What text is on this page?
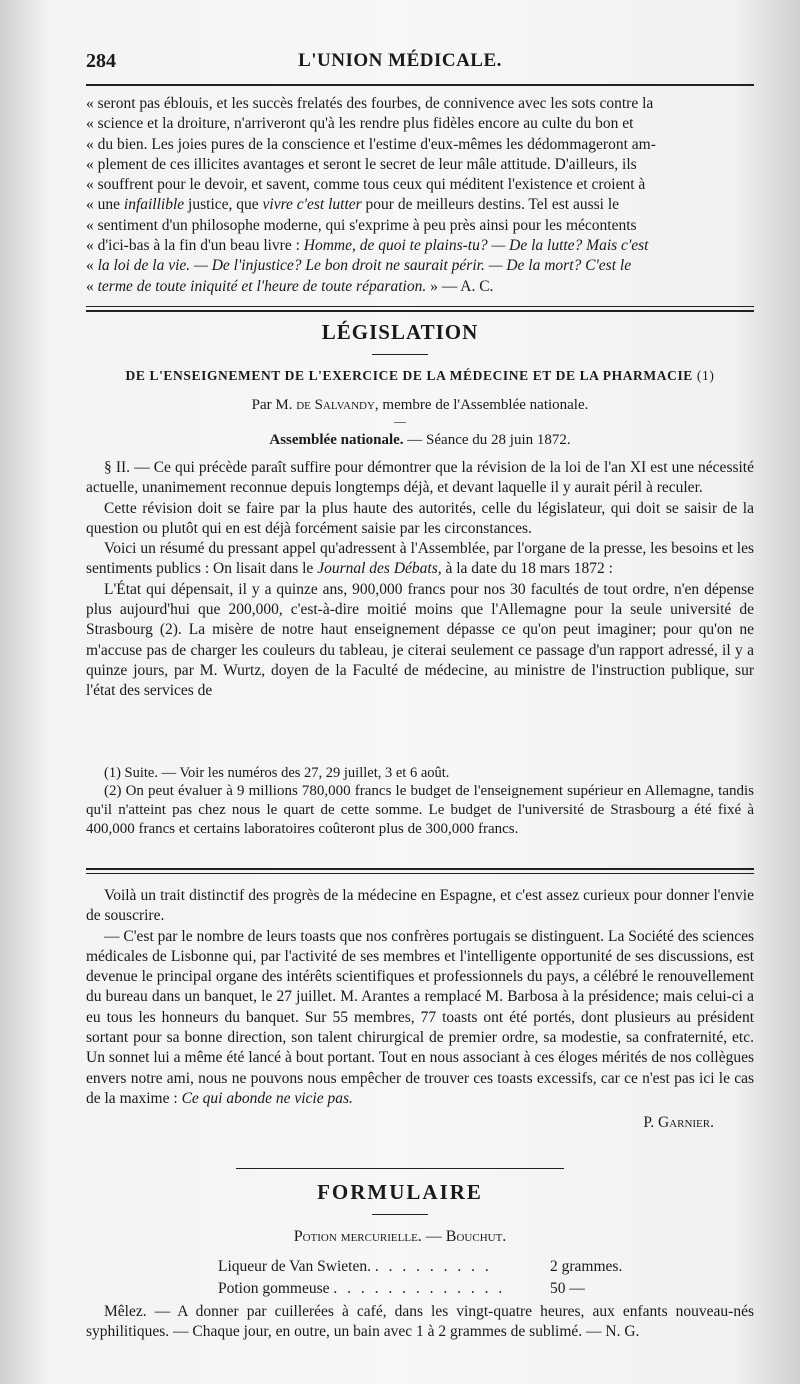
284	L'UNION MÉDICALE.

« seront pas éblouis, et les succès frelatés des fourbes, de connivence avec les sots contre la

« science et la droiture, n'arriveront qu'à les rendre plus fidèles encore au culte du bon et

« du bien. Les joies pures de la conscience et l'estime d'eux-mêmes les dédommageront am-

« plement de ces illicites avantages et seront le secret de leur mâle attitude. D'ailleurs, ils

« souffrent pour le devoir, et savent, comme tous ceux qui méditent l'existence et croient à

« une infaillible justice, que vivre c'est lutter pour de meilleurs destins. Tel est aussi le

« sentiment d'un philosophe moderne, qui s'exprime à peu près ainsi pour les mécontents

« d'ici-bas à la fin d'un beau livre : Homme, de quoi te plains-tu? — De la lutte? Mais c'est

« la loi de la vie. — De l'injustice? Le bon droit ne saurait périr. — De la mort? C'est le

« terme de toute iniquité et l'heure de toute réparation. » — A. C.

LÉGISLATION
DE L'ENSEIGNEMENT DE L'EXERCICE DE LA MÉDECINE ET DE LA PHARMACIE (1)
Par M. de Salvandy, membre de l'Assemblée nationale.
—
Assemblée nationale. — Séance du 28 juin 1872.

§ II. — Ce qui précède paraît suffire pour démontrer que la révision de la loi de l'an XI est une nécessité actuelle, unanimement reconnue depuis longtemps déjà, et devant laquelle il y aurait péril à reculer.

Cette révision doit se faire par la plus haute des autorités, celle du législateur, qui doit se saisir de la question ou plutôt qui en est déjà forcément saisie par les circonstances.

Voici un résumé du pressant appel qu'adressent à l'Assemblée, par l'organe de la presse, les besoins et les sentiments publics : On lisait dans le Journal des Débats, à la date du 18 mars 1872 :

L'État qui dépensait, il y a quinze ans, 900,000 francs pour nos 30 facultés de tout ordre, n'en dépense plus aujourd'hui que 200,000, c'est-à-dire moitié moins que l'Allemagne pour la seule université de Strasbourg (2). La misère de notre haut enseignement dépasse ce qu'on peut imaginer; pour qu'on ne m'accuse pas de charger les couleurs du tableau, je citerai seulement ce passage d'un rapport adressé, il y a quinze jours, par M. Wurtz, doyen de la Faculté de médecine, au ministre de l'instruction publique, sur l'état des services de

(1) Suite. — Voir les numéros des 27, 29 juillet, 3 et 6 août.

(2) On peut évaluer à 9 millions 780,000 francs le budget de l'enseignement supérieur en Allemagne, tandis qu'il n'atteint pas chez nous le quart de cette somme. Le budget de l'université de Strasbourg a été fixé à 400,000 francs et certains laboratoires coûteront plus de 300,000 francs.

Voilà un trait distinctif des progrès de la médecine en Espagne, et c'est assez curieux pour donner l'envie de souscrire.

— C'est par le nombre de leurs toasts que nos confrères portugais se distinguent. La Société des sciences médicales de Lisbonne qui, par l'activité de ses membres et l'intelligente opportunité de ses discussions, est devenue le principal organe des intérêts scientifiques et professionnels du pays, a célébré le renouvellement du bureau dans un banquet, le 27 juillet. M. Arantes a remplacé M. Barbosa à la présidence; mais celui-ci a eu tous les honneurs du banquet. Sur 55 membres, 77 toasts ont été portés, dont plusieurs au président sortant pour sa bonne direction, son talent chirurgical de premier ordre, sa modestie, sa confraternité, etc. Un sonnet lui a même été lancé à bout portant. Tout en nous associant à ces éloges mérités de nos collègues envers notre ami, nous ne pouvons nous empêcher de trouver ces toasts excessifs, car ce n'est pas ici le cas de la maxime : Ce qui abonde ne vicie pas.

P. Garnier.

FORMULAIRE
Potion mercurielle. — Bouchut.
Liqueur de Van Swieten. . . . . . . . . .	2 grammes.
Potion gommeuse . . . . . . . . . . . . .	50 —

Mêlez. — A donner par cuillerées à café, dans les vingt-quatre heures, aux enfants nouveau-nés syphilitiques. — Chaque jour, en outre, un bain avec 1 à 2 grammes de sublimé. — N. G.
